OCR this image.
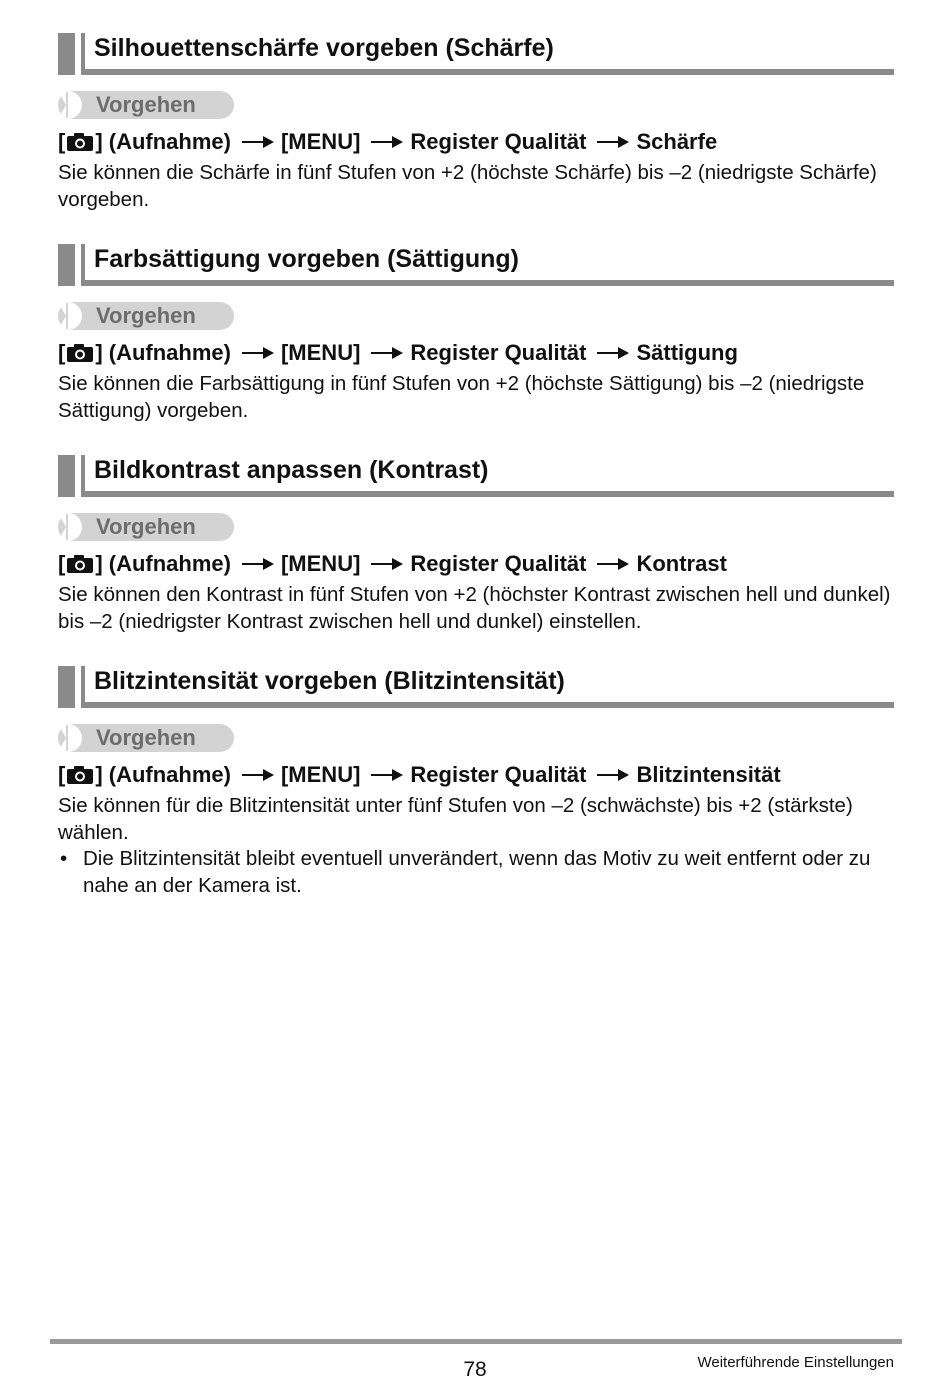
Silhouettenschärfe vorgeben (Schärfe)
Vorgehen
[ ] (Aufnahme) [MENU] Register Qualität Schärfe
Sie können die Schärfe in fünf Stufen von +2 (höchste Schärfe) bis –2 (niedrigste Schärfe) vorgeben.
Farbsättigung vorgeben (Sättigung)
Vorgehen
[ ] (Aufnahme) [MENU] Register Qualität Sättigung
Sie können die Farbsättigung in fünf Stufen von +2 (höchste Sättigung) bis –2 (niedrigste Sättigung) vorgeben.
Bildkontrast anpassen (Kontrast)
Vorgehen
[ ] (Aufnahme) [MENU] Register Qualität Kontrast
Sie können den Kontrast in fünf Stufen von +2 (höchster Kontrast zwischen hell und dunkel) bis –2 (niedrigster Kontrast zwischen hell und dunkel) einstellen.
Blitzintensität vorgeben (Blitzintensität)
Vorgehen
[ ] (Aufnahme) [MENU] Register Qualität Blitzintensität
Sie können für die Blitzintensität unter fünf Stufen von –2 (schwächste) bis +2 (stärkste) wählen.
• Die Blitzintensität bleibt eventuell unverändert, wenn das Motiv zu weit entfernt oder zu nahe an der Kamera ist.
78	Weiterführende Einstellungen
